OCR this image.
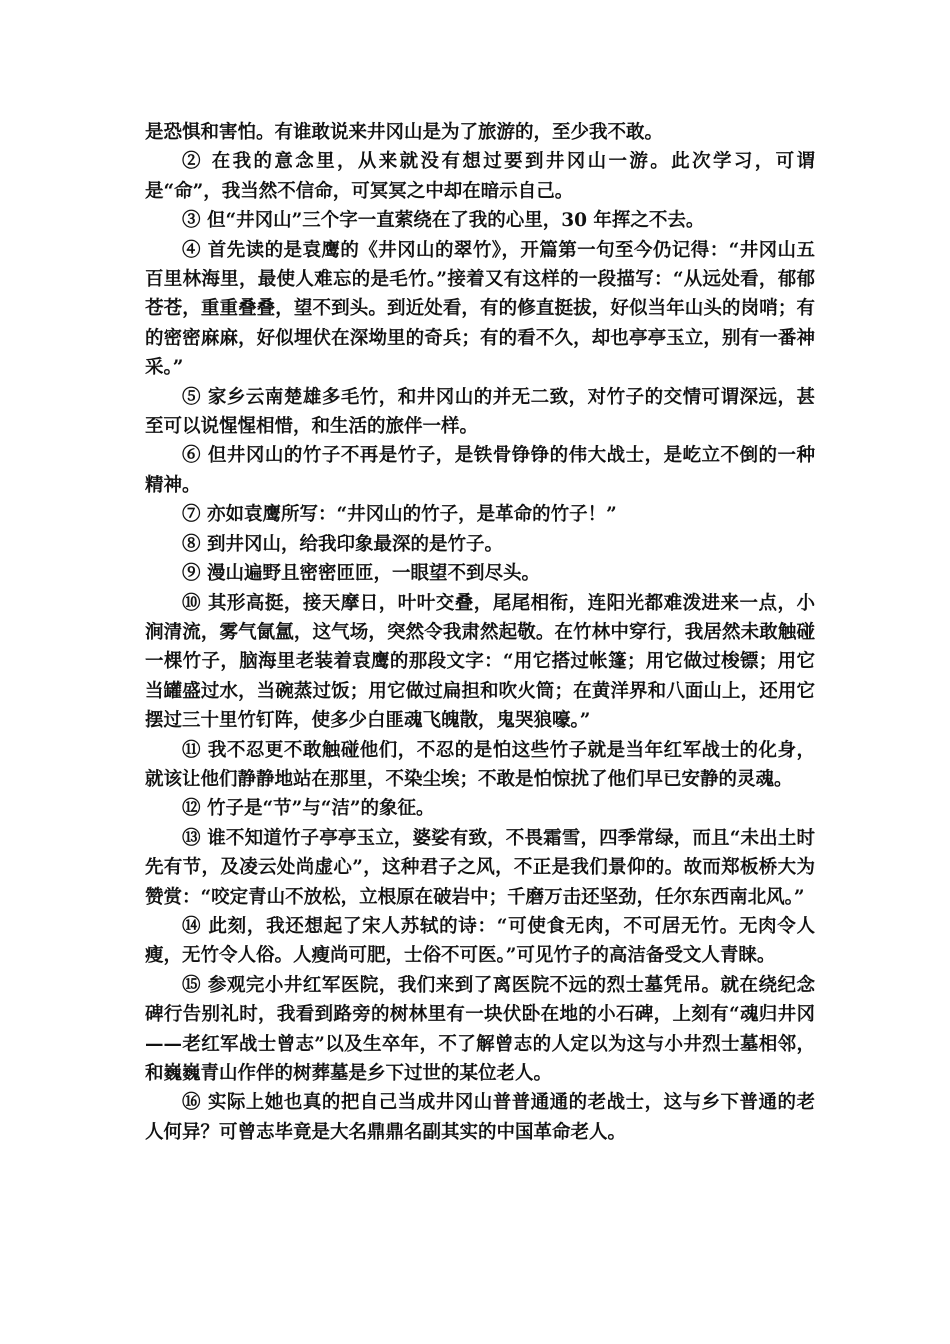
是恐惧和害怕。有谁敢说来井冈山是为了旅游的，至少我不敢。

② 在我的意念里，从来就没有想过要到井冈山一游。此次学习，可谓是“命”，我当然不信命，可冥冥之中却在暗示自己。

③ 但“井冈山”三个字一直萦绕在了我的心里，30 年挥之不去。

④ 首先读的是袁鹰的《井冈山的翠竹》，开篇第一句至今仍记得：“井冈山五百里林海里，最使人难忘的是毛竹。”接着又有这样的一段描写：“从远处看，郁郁苍苍，重重叠叠，望不到头。到近处看，有的修直挺拔，好似当年山头的岗哨；有的密密麻麻，好似埋伏在深坳里的奇兵；有的看不久，却也亭亭玉立，别有一番神采。”

⑤ 家乡云南楚雄多毛竹，和井冈山的并无二致，对竹子的交情可谓深远，甚至可以说惺惺相惜，和生活的旅伴一样。

⑥ 但井冈山的竹子不再是竹子，是铁骨铮铮的伟大战士，是屹立不倒的一种精神。

⑦ 亦如袁鹰所写：“井冈山的竹子，是革命的竹子！”

⑧ 到井冈山，给我印象最深的是竹子。

⑨ 漫山遍野且密密匝匝，一眼望不到尽头。

⑩ 其形高挺，接天摩日，叶叶交叠，尾尾相衔，连阳光都难泼进来一点，小涧清流，雾气氤氲，这气场，突然令我肃然起敬。在竹林中穿行，我居然未敢触碰一棵竹子，脑海里老装着袁鹰的那段文字：“用它搭过帐篷；用它做过梭镖；用它当罐盛过水，当碗蒸过饭；用它做过扁担和吹火筒；在黄洋界和八面山上，还用它摆过三十里竹钉阵，使多少白匪魂飞魄散，鬼哭狼嚎。”

⑪ 我不忍更不敢触碰他们，不忍的是怕这些竹子就是当年红军战士的化身，就该让他们静静地站在那里，不染尘埃；不敢是怕惊扰了他们早已安静的灵魂。

⑫ 竹子是“节”与“洁”的象征。

⑬ 谁不知道竹子亭亭玉立，婆娑有致，不畏霜雪，四季常绿，而且“未出土时先有节，及凌云处尚虚心”，这种君子之风，不正是我们景仰的。故而郑板桥大为赞赏：“咬定青山不放松，立根原在破岩中；千磨万击还坚劲，任尔东西南北风。”

⑭ 此刻，我还想起了宋人苏轼的诗：“可使食无肉，不可居无竹。无肉令人瘦，无竹令人俗。人瘦尚可肥，士俗不可医。”可见竹子的高洁备受文人青睐。

⑮ 参观完小井红军医院，我们来到了离医院不远的烈士墓凭吊。就在绕纪念碑行告别礼时，我看到路旁的树林里有一块伏卧在地的小石碑，上刻有“魂归井冈——老红军战士曾志”以及生卒年，不了解曾志的人定以为这与小井烈士墓相邻，和巍巍青山作伴的树葬墓是乡下过世的某位老人。

⑯ 实际上她也真的把自己当成井冈山普普通通的老战士，这与乡下普通的老人何异？可曾志毕竟是大名鼎鼎名副其实的中国革命老人。
